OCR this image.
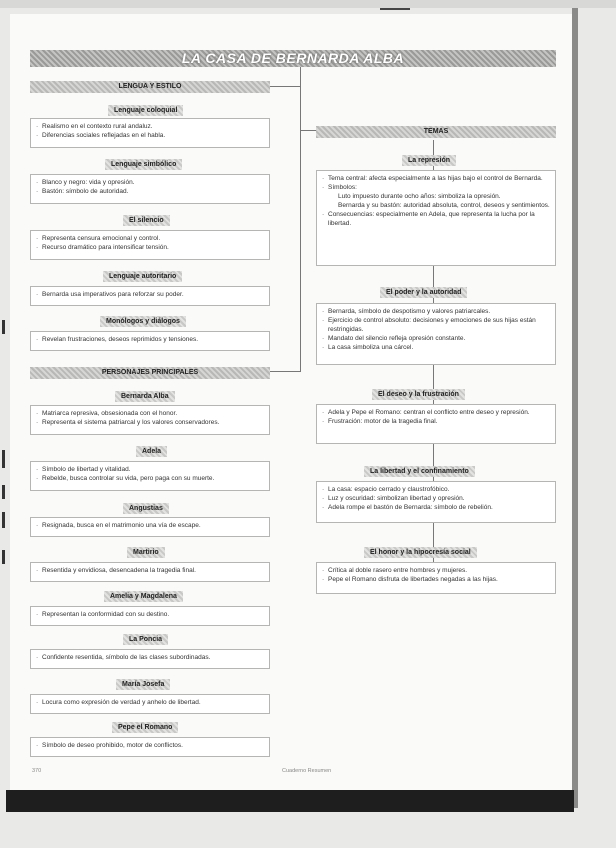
LA CASA DE BERNARDA ALBA
LENGUA Y ESTILO
Lenguaje coloquial
· Realismo en el contexto rural andaluz.
· Diferencias sociales reflejadas en el habla.
Lenguaje simbólico
· Blanco y negro: vida y opresión.
· Bastón: símbolo de autoridad.
El silencio
· Representa censura emocional y control.
· Recurso dramático para intensificar tensión.
Lenguaje autoritario
· Bernarda usa imperativos para reforzar su poder.
Monólogos y diálogos
· Revelan frustraciones, deseos reprimidos y tensiones.
PERSONAJES PRINCIPALES
Bernarda Alba
· Matriarca represiva, obsesionada con el honor.
· Representa el sistema patriarcal y los valores conservadores.
Adela
· Símbolo de libertad y vitalidad.
· Rebelde, busca controlar su vida, pero paga con su muerte.
Angustias
· Resignada, busca en el matrimonio una vía de escape.
Martirio
· Resentida y envidiosa, desencadena la tragedia final.
Amelia y Magdalena
· Representan la conformidad con su destino.
La Poncia
· Confidente resentida, símbolo de las clases subordinadas.
María Josefa
· Locura como expresión de verdad y anhelo de libertad.
Pepe el Romano
· Símbolo de deseo prohibido, motor de conflictos.
TEMAS
La represión
· Tema central: afecta especialmente a las hijas bajo el control de Bernarda.
· Símbolos:
Luto impuesto durante ocho años: simboliza la opresión.
Bernarda y su bastón: autoridad absoluta, control, deseos y sentimientos.
· Consecuencias: especialmente en Adela, que representa la lucha por la libertad.
El poder y la autoridad
· Bernarda, símbolo de despotismo y valores patriarcales.
· Ejercicio de control absoluto: decisiones y emociones de sus hijas están restringidas.
· Mandato del silencio refleja opresión constante.
· La casa simboliza una cárcel.
El deseo y la frustración
· Adela y Pepe el Romano: centran el conflicto entre deseo y represión.
· Frustración: motor de la tragedia final.
La libertad y el confinamiento
· La casa: espacio cerrado y claustrofóbico.
· Luz y oscuridad: simbolizan libertad y opresión.
· Adela rompe el bastón de Bernarda: símbolo de rebelión.
El honor y la hipocresía social
· Crítica al doble rasero entre hombres y mujeres.
· Pepe el Romano disfruta de libertades negadas a las hijas.
370	Cuaderno Resumen
